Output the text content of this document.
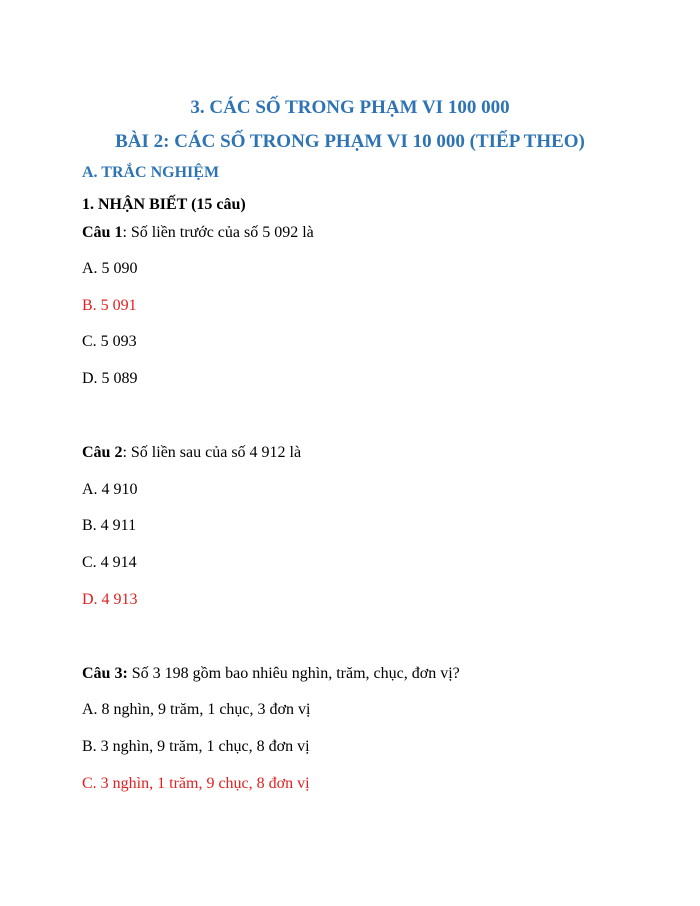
3. CÁC SỐ TRONG PHẠM VI 100 000
BÀI 2: CÁC SỐ TRONG PHẠM VI 10 000 (TIẾP THEO)
A. TRẮC NGHIỆM
1. NHẬN BIẾT (15 câu)
Câu 1: Số liền trước của số 5 092 là
A. 5 090
B. 5 091
C. 5 093
D. 5 089
Câu 2: Số liền sau của số 4 912 là
A. 4 910
B. 4 911
C. 4 914
D. 4 913
Câu 3: Số 3 198 gồm bao nhiêu nghìn, trăm, chục, đơn vị?
A. 8 nghìn, 9 trăm, 1 chục, 3 đơn vị
B. 3 nghìn, 9 trăm, 1 chục, 8 đơn vị
C. 3 nghìn, 1 trăm, 9 chục, 8 đơn vị
